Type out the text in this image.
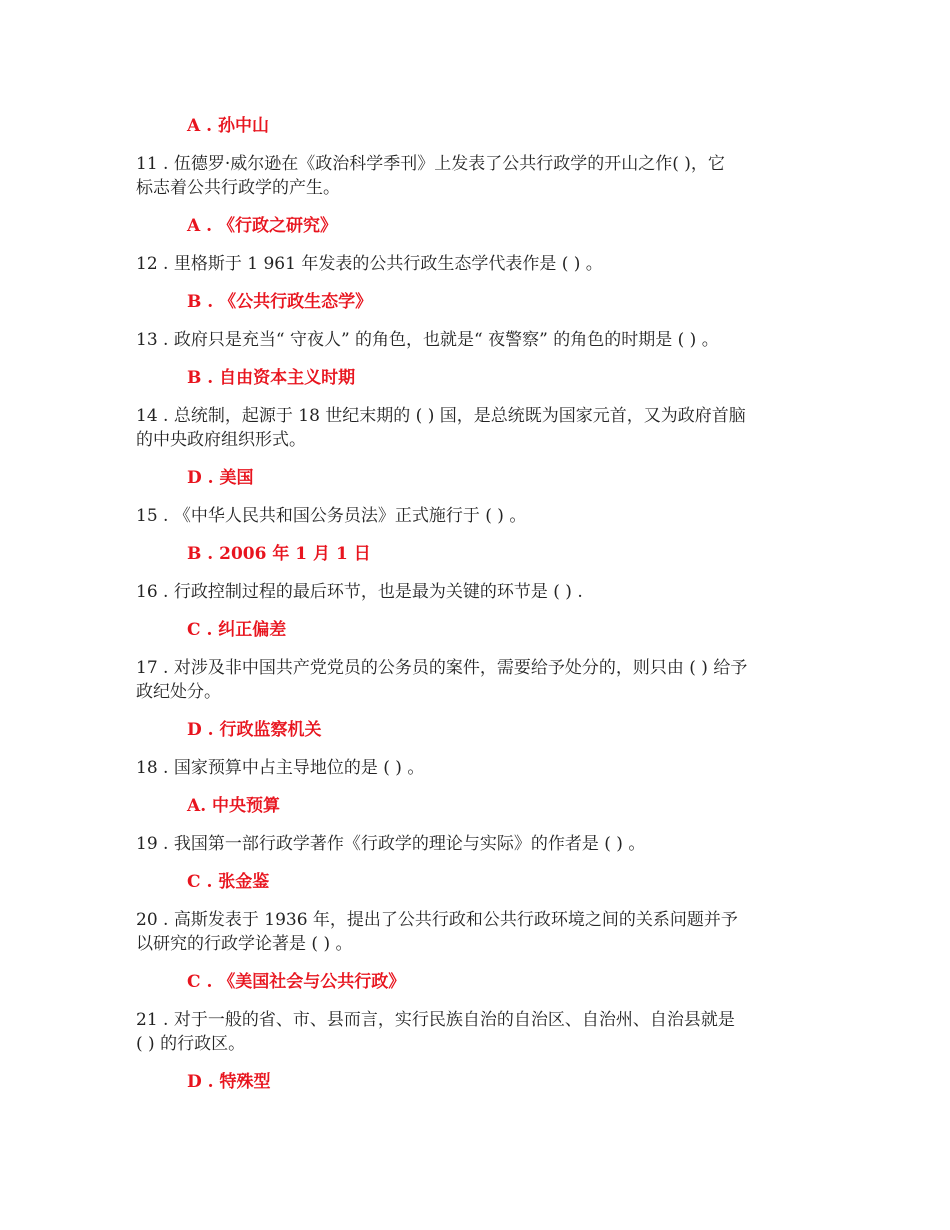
A . 孙中山
11 . 伍德罗·威尔逊在《政治科学季刊》上发表了公共行政学的开山之作( )，它
标志着公共行政学的产生。
A . 《行政之研究》
12 . 里格斯于 1 961 年发表的公共行政生态学代表作是 ( ) 。
B . 《公共行政生态学》
13 . 政府只是充当“ 守夜人” 的角色，也就是“ 夜警察” 的角色的时期是 ( ) 。
B . 自由资本主义时期
14 . 总统制，起源于 18 世纪末期的 ( ) 国，是总统既为国家元首，又为政府首脑
的中央政府组织形式。
D . 美国
15 . 《中华人民共和国公务员法》正式施行于 ( ) 。
B . 2006 年 1 月 1 日
16 . 行政控制过程的最后环节，也是最为关键的环节是 ( ) .
C . 纠正偏差
17 . 对涉及非中国共产党党员的公务员的案件，需要给予处分的，则只由 ( ) 给予
政纪处分。
D . 行政监察机关
18 . 国家预算中占主导地位的是 ( ) 。
A. 中央预算
19 . 我国第一部行政学著作《行政学的理论与实际》的作者是 ( ) 。
C . 张金鉴
20 . 高斯发表于 1936 年，提出了公共行政和公共行政环境之间的关系问题并予
以研究的行政学论著是 ( ) 。
C . 《美国社会与公共行政》
21 . 对于一般的省、市、县而言，实行民族自治的自治区、自治州、自治县就是
( ) 的行政区。
D . 特殊型
